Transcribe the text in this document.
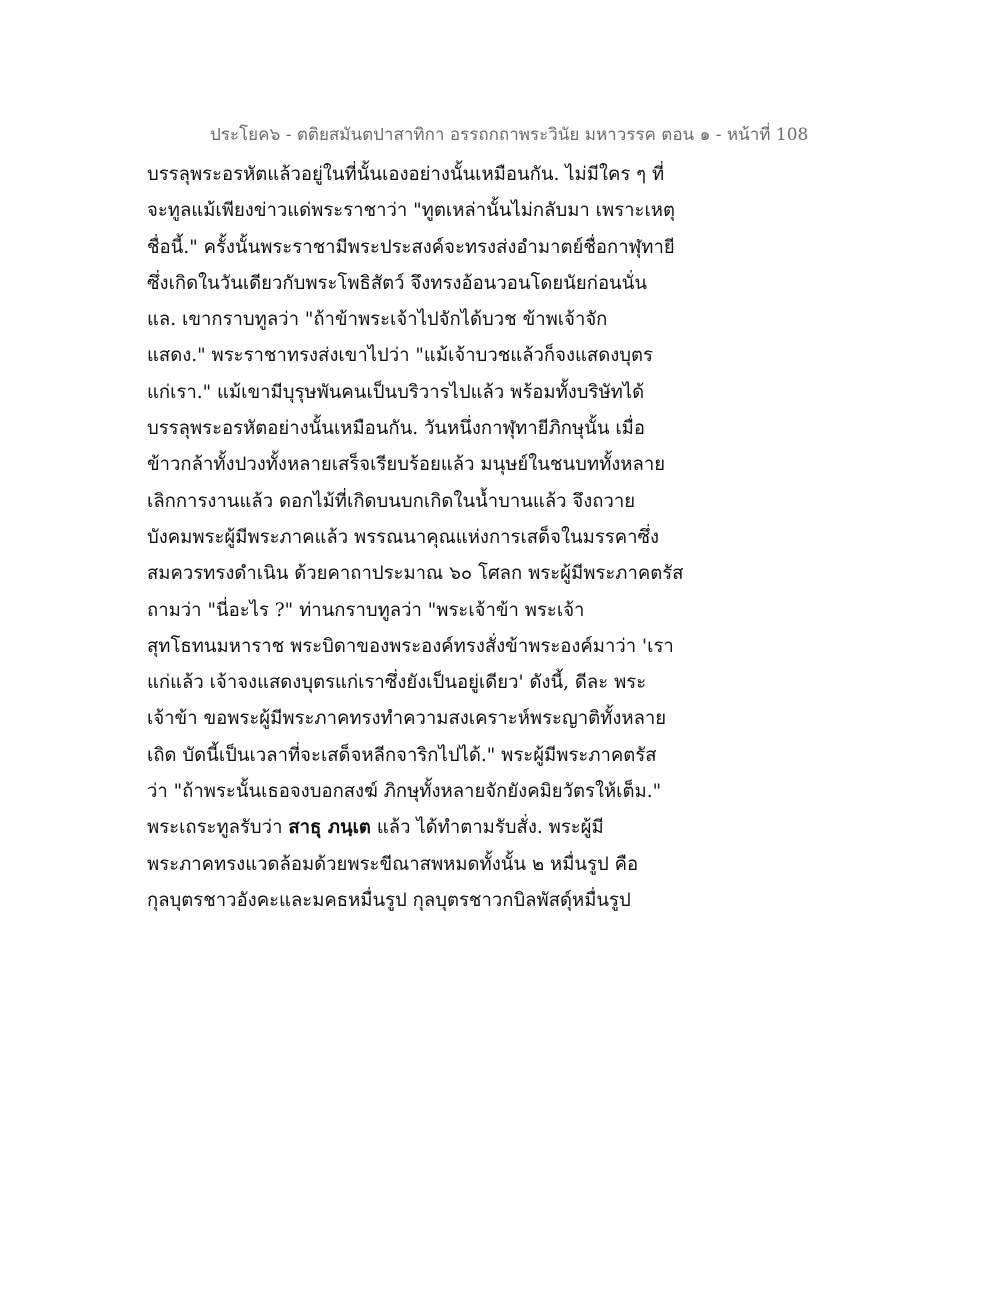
ประโยค๖ - ตติยสมันตปาสาทิกา อรรถกถาพระวินัย มหาวรรค ตอน ๑ - หน้าที่ 108
บรรลุพระอรหัตแล้วอยู่ในที่นั้นเองอย่างนั้นเหมือนกัน. ไม่มีใคร ๆ ที่
จะทูลแม้เพียงข่าวแด่พระราชาว่า "ทูตเหล่านั้นไม่กลับมา เพราะเหตุ
ชื่อนี้." ครั้งนั้นพระราชามีพระประสงค์จะทรงส่งอำมาตย์ชื่อกาฬุทายี
ซึ่งเกิดในวันเดียวกับพระโพธิสัตว์ จึงทรงอ้อนวอนโดยนัยก่อนนั่น
แล. เขากราบทูลว่า "ถ้าข้าพระเจ้าไปจักได้บวช ข้าพเจ้าจัก
แสดง." พระราชาทรงส่งเขาไปว่า "แม้เจ้าบวชแล้วก็จงแสดงบุตร
แก่เรา." แม้เขามีบุรุษพันคนเป็นบริวารไปแล้ว พร้อมทั้งบริษัทได้
บรรลุพระอรหัตอย่างนั้นเหมือนกัน. วันหนึ่งกาฬุทายีภิกษุนั้น เมื่อ
ข้าวกล้าทั้งปวงทั้งหลายเสร็จเรียบร้อยแล้ว มนุษย์ในชนบททั้งหลาย
เลิกการงานแล้ว ดอกไม้ที่เกิดบนบกเกิดในน้ำบานแล้ว จึงถวาย
บังคมพระผู้มีพระภาคแล้ว พรรณนาคุณแห่งการเสด็จในมรรคาซึ่ง
สมควรทรงดำเนิน ด้วยคาถาประมาณ ๖๐ โศลก พระผู้มีพระภาคตรัส
ถามว่า "นี่อะไร ?" ท่านกราบทูลว่า "พระเจ้าข้า พระเจ้า
สุทโธทนมหาราช พระบิดาของพระองค์ทรงสั่งข้าพระองค์มาว่า 'เรา
แก่แล้ว เจ้าจงแสดงบุตรแก่เราซึ่งยังเป็นอยู่เดียว' ดังนี้, ดีละ พระ
เจ้าข้า ขอพระผู้มีพระภาคทรงทำความสงเคราะห์พระญาติทั้งหลาย
เถิด บัดนี้เป็นเวลาที่จะเสด็จหลีกจาริกไปได้." พระผู้มีพระภาคตรัส
ว่า "ถ้าพระนั้นเธอจงบอกสงฆ์ ภิกษุทั้งหลายจักยังคมิยวัตรให้เต็ม."
พระเถระทูลรับว่า สาธุ ภนฺเต แล้ว ได้ทำตามรับสั่ง. พระผู้มี
พระภาคทรงแวดล้อมด้วยพระขีณาสพหมดทั้งนั้น ๒ หมื่นรูป คือ
กุลบุตรชาวอังคะและมคธหมื่นรูป กุลบุตรชาวกบิลพัสดุ์หมื่นรูป
